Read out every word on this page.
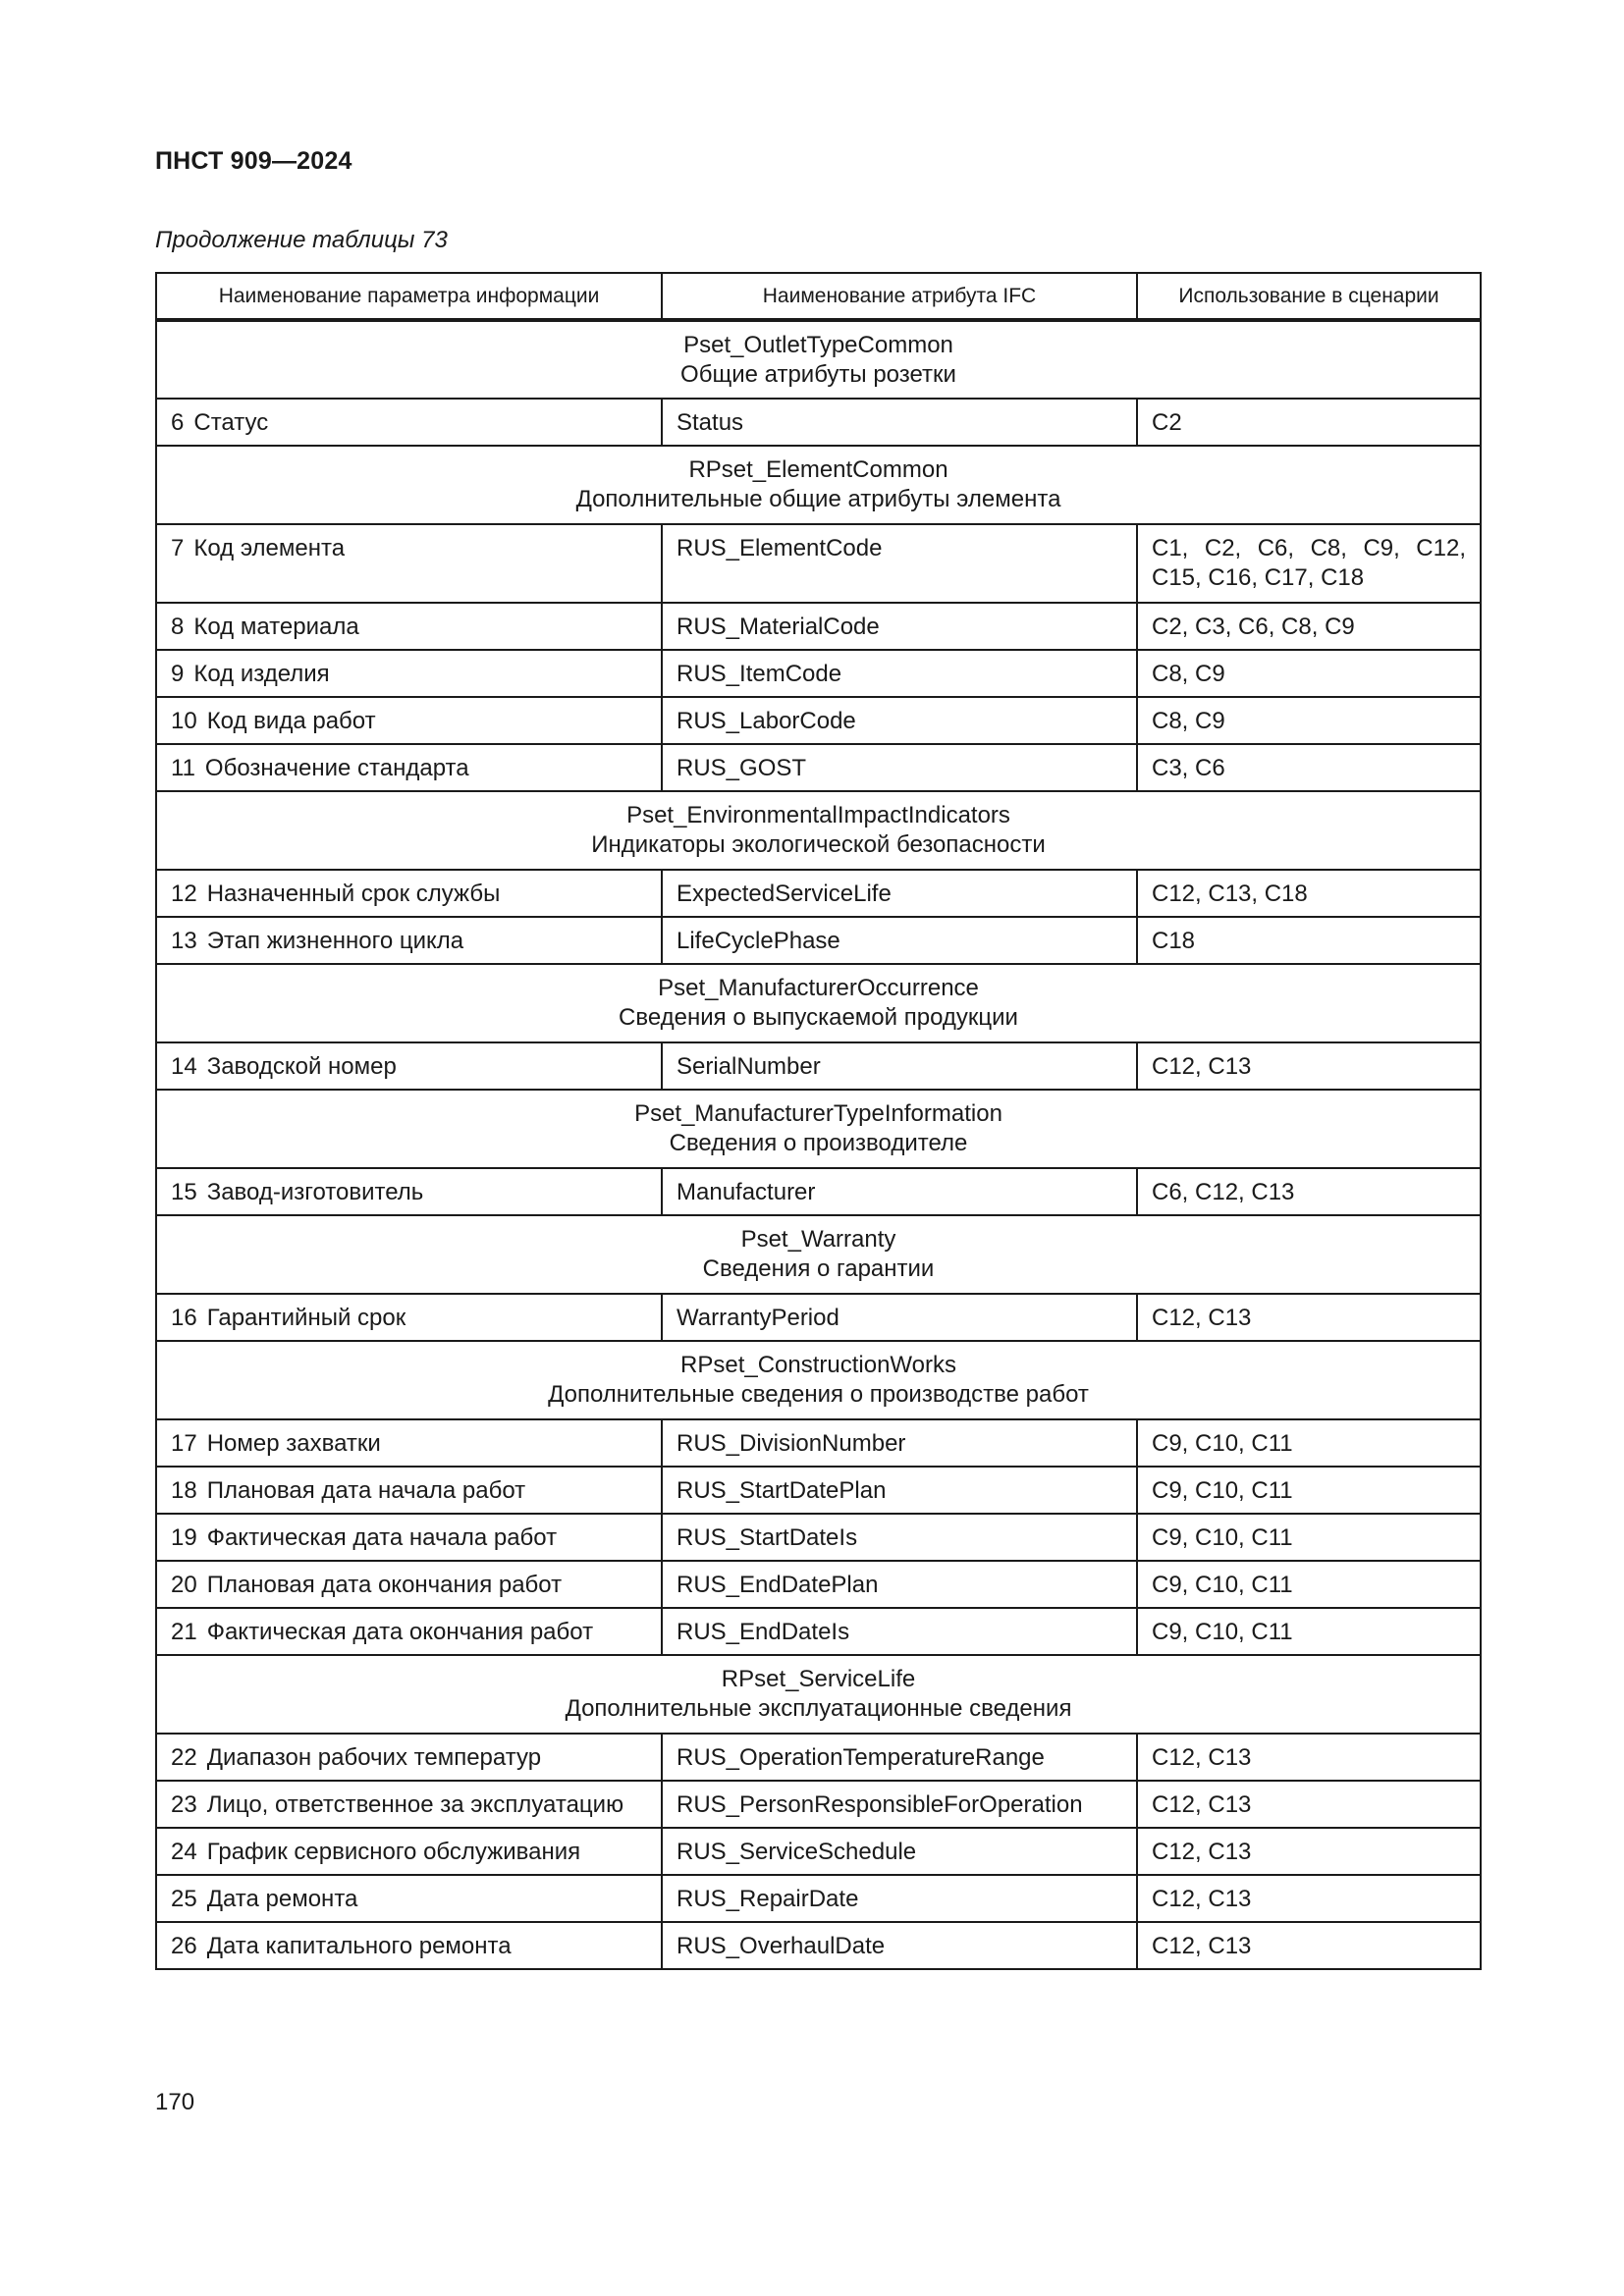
ПНСТ 909—2024
Продолжение таблицы 73
Наименование параметра информации	Наименование атрибута IFC	Использование в сценарии

Pset_OutletTypeCommon
Общие атрибуты розетки		

6 Статус	Status	C2

RPset_ElementCommon
Дополнительные общие атрибуты элемента		

7 Код элемента	RUS_ElementCode	C1, C2, C6, C8, C9, C12, C15, C16, C17, C18
8 Код материала	RUS_MaterialCode	C2, C3, C6, C8, C9
9 Код изделия	RUS_ItemCode	C8, C9
10 Код вида работ	RUS_LaborCode	C8, C9
11 Обозначение стандарта	RUS_GOST	C3, C6

Pset_EnvironmentalImpactIndicators
Индикаторы экологической безопасности		

12 Назначенный срок службы	ExpectedServiceLife	C12, C13, C18
13 Этап жизненного цикла	LifeCyclePhase	C18

Pset_ManufacturerOccurrence
Сведения о выпускаемой продукции		

14 Заводской номер	SerialNumber	C12, C13

Pset_ManufacturerTypeInformation
Сведения о производителе		

15 Завод-изготовитель	Manufacturer	C6, C12, C13

Pset_Warranty
Сведения о гарантии		

16 Гарантийный срок	WarrantyPeriod	C12, C13

RPset_ConstructionWorks
Дополнительные сведения о производстве работ		

17 Номер захватки	RUS_DivisionNumber	C9, C10, C11
18 Плановая дата начала работ	RUS_StartDatePlan	C9, C10, C11
19 Фактическая дата начала работ	RUS_StartDateIs	C9, C10, C11
20 Плановая дата окончания работ	RUS_EndDatePlan	C9, C10, C11
21 Фактическая дата окончания работ	RUS_EndDateIs	C9, C10, C11

RPset_ServiceLife
Дополнительные эксплуатационные сведения		

22 Диапазон рабочих температур	RUS_OperationTemperatureRange	C12, C13
23 Лицо, ответственное за эксплуатацию	RUS_PersonResponsibleForOperation	C12, C13
24 График сервисного обслуживания	RUS_ServiceSchedule	C12, C13
25 Дата ремонта	RUS_RepairDate	C12, C13
26 Дата капитального ремонта	RUS_OverhaulDate	C12, C13
170
